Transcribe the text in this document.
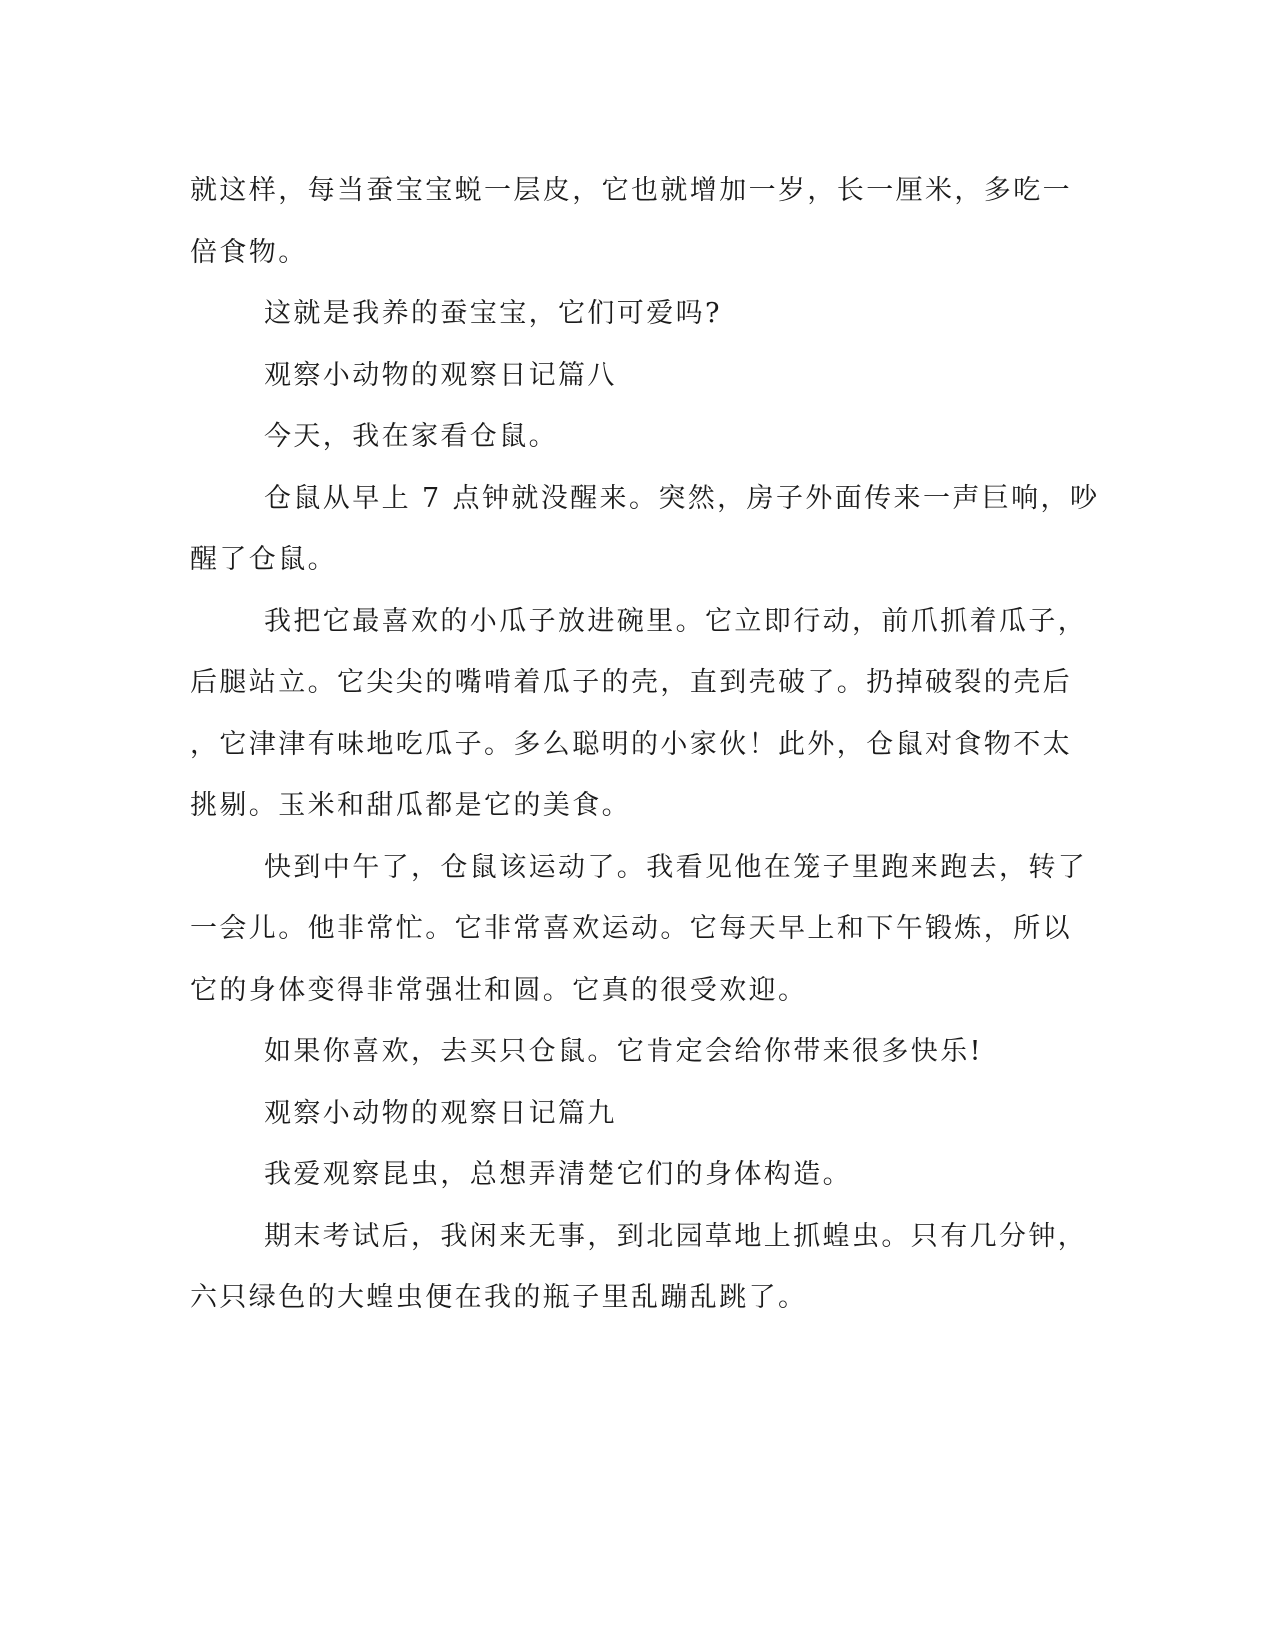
就这样，每当蚕宝宝蜕一层皮，它也就增加一岁，长一厘米，多吃一

倍食物。

这就是我养的蚕宝宝，它们可爱吗?

观察小动物的观察日记篇八

今天，我在家看仓鼠。

仓鼠从早上 7 点钟就没醒来。突然，房子外面传来一声巨响，吵

醒了仓鼠。

我把它最喜欢的小瓜子放进碗里。它立即行动，前爪抓着瓜子，

后腿站立。它尖尖的嘴啃着瓜子的壳，直到壳破了。扔掉破裂的壳后

，它津津有味地吃瓜子。多么聪明的小家伙！此外，仓鼠对食物不太

挑剔。玉米和甜瓜都是它的美食。

快到中午了，仓鼠该运动了。我看见他在笼子里跑来跑去，转了

一会儿。他非常忙。它非常喜欢运动。它每天早上和下午锻炼，所以

它的身体变得非常强壮和圆。它真的很受欢迎。

如果你喜欢，去买只仓鼠。它肯定会给你带来很多快乐!

观察小动物的观察日记篇九

我爱观察昆虫，总想弄清楚它们的身体构造。

期末考试后，我闲来无事，到北园草地上抓蝗虫。只有几分钟，

六只绿色的大蝗虫便在我的瓶子里乱蹦乱跳了。
